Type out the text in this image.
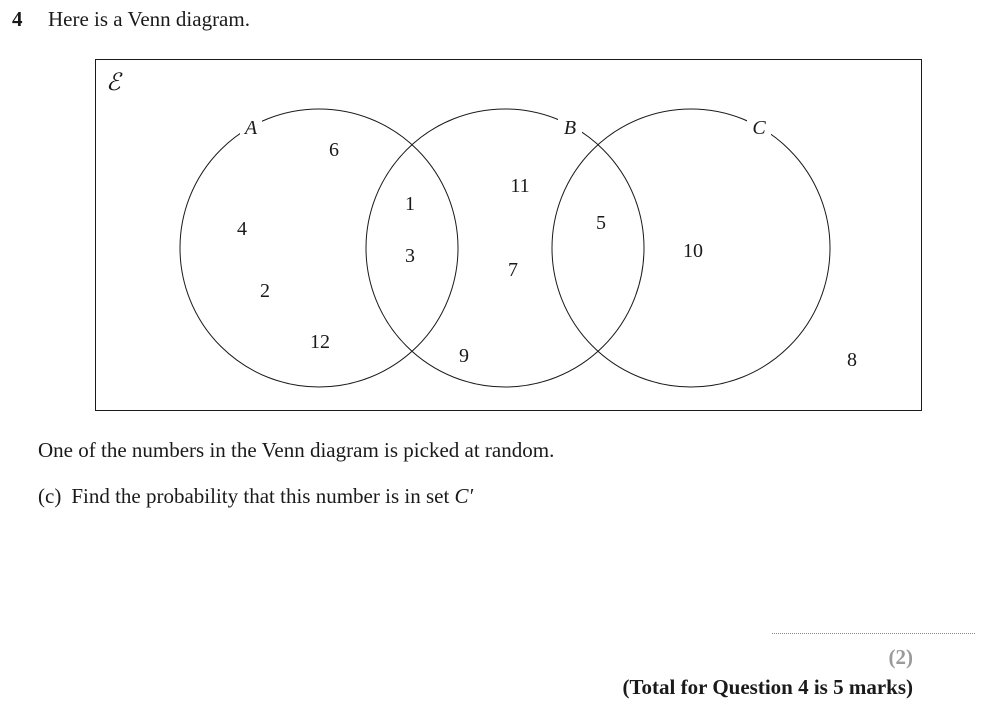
4 Here is a Venn diagram.
ℰ
A	B	C
6
4
2
12
1
3
11
7
9
5
10
8
One of the numbers in the Venn diagram is picked at random.
(c) Find the probability that this number is in set C′
(2)
(Total for Question 4 is 5 marks)
